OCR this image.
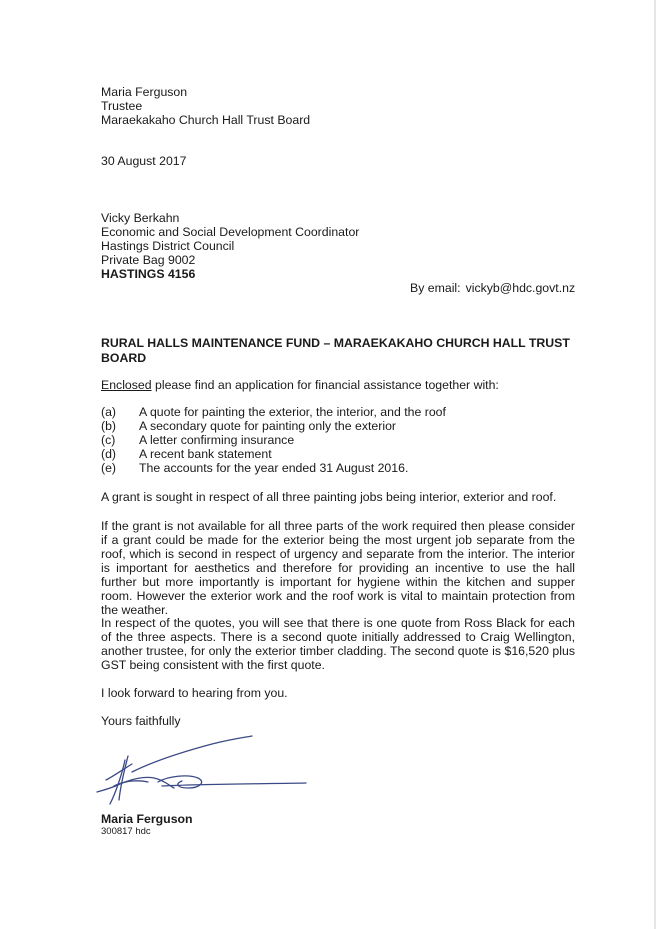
Maria Ferguson
Trustee
Maraekakaho Church Hall Trust Board
30 August 2017
Vicky Berkahn
Economic and Social Development Coordinator
Hastings District Council
Private Bag 9002
HASTINGS 4156
By email: vickyb@hdc.govt.nz
RURAL HALLS MAINTENANCE FUND – MARAEKAKAHO CHURCH HALL TRUST BOARD
Enclosed please find an application for financial assistance together with:
(a) A quote for painting the exterior, the interior, and the roof
(b) A secondary quote for painting only the exterior
(c) A letter confirming insurance
(d) A recent bank statement
(e) The accounts for the year ended 31 August 2016.
A grant is sought in respect of all three painting jobs being interior, exterior and roof.
If the grant is not available for all three parts of the work required then please consider if a grant could be made for the exterior being the most urgent job separate from the roof, which is second in respect of urgency and separate from the interior. The interior is important for aesthetics and therefore for providing an incentive to use the hall further but more importantly is important for hygiene within the kitchen and supper room. However the exterior work and the roof work is vital to maintain protection from the weather.
In respect of the quotes, you will see that there is one quote from Ross Black for each of the three aspects. There is a second quote initially addressed to Craig Wellington, another trustee, for only the exterior timber cladding. The second quote is $16,520 plus GST being consistent with the first quote.
I look forward to hearing from you.
Yours faithfully
Maria Ferguson
300817 hdc
